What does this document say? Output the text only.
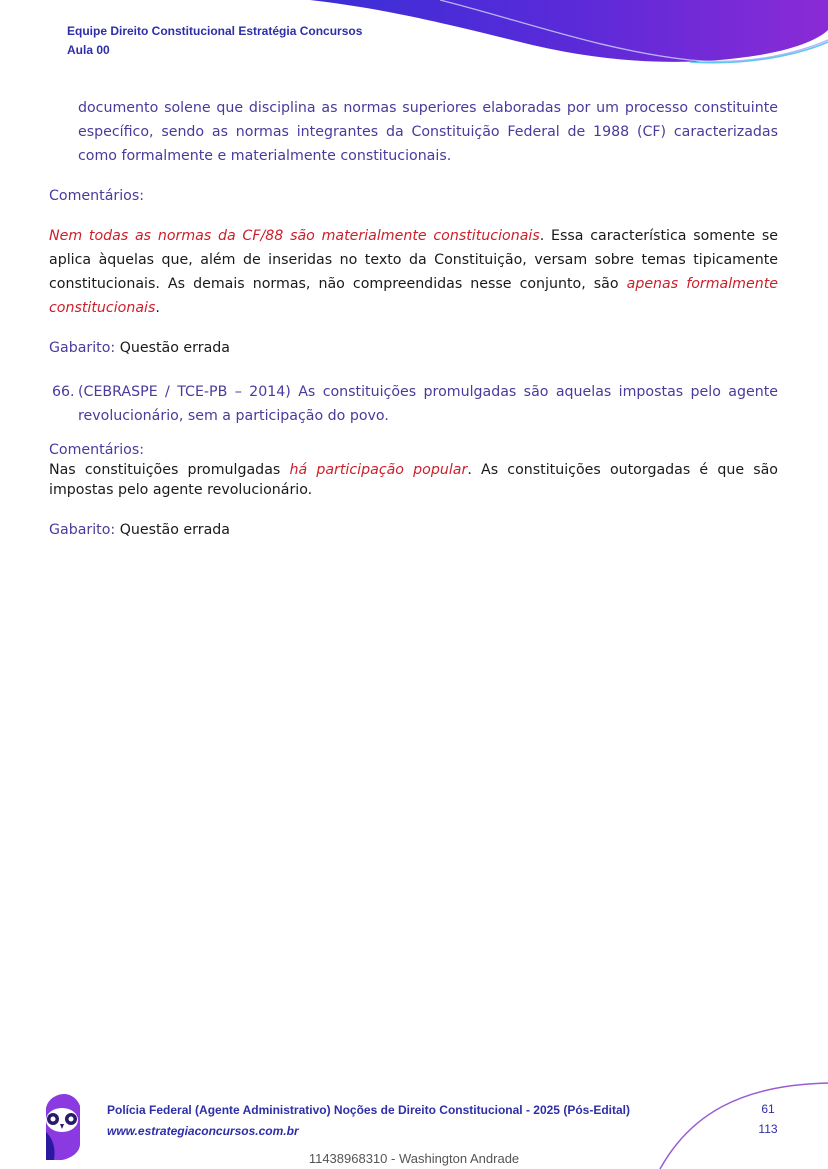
Equipe Direito Constitucional Estratégia Concursos
Aula 00

documento solene que disciplina as normas superiores elaboradas por um processo constituinte específico, sendo as normas integrantes da Constituição Federal de 1988 (CF) caracterizadas como formalmente e materialmente constitucionais.

Comentários:

Nem todas as normas da CF/88 são materialmente constitucionais. Essa característica somente se aplica àquelas que, além de inseridas no texto da Constituição, versam sobre temas tipicamente constitucionais. As demais normas, não compreendidas nesse conjunto, são apenas formalmente constitucionais.

Gabarito: Questão errada

66. (CEBRASPE / TCE-PB – 2014) As constituições promulgadas são aquelas impostas pelo agente revolucionário, sem a participação do povo.

Comentários:

Nas constituições promulgadas há participação popular. As constituições outorgadas é que são impostas pelo agente revolucionário.

Gabarito: Questão errada

Polícia Federal (Agente Administrativo) Noções de Direito Constitucional - 2025 (Pós-Edital)
www.estrategiaconcursos.com.br
61
113
11438968310 - Washington Andrade
